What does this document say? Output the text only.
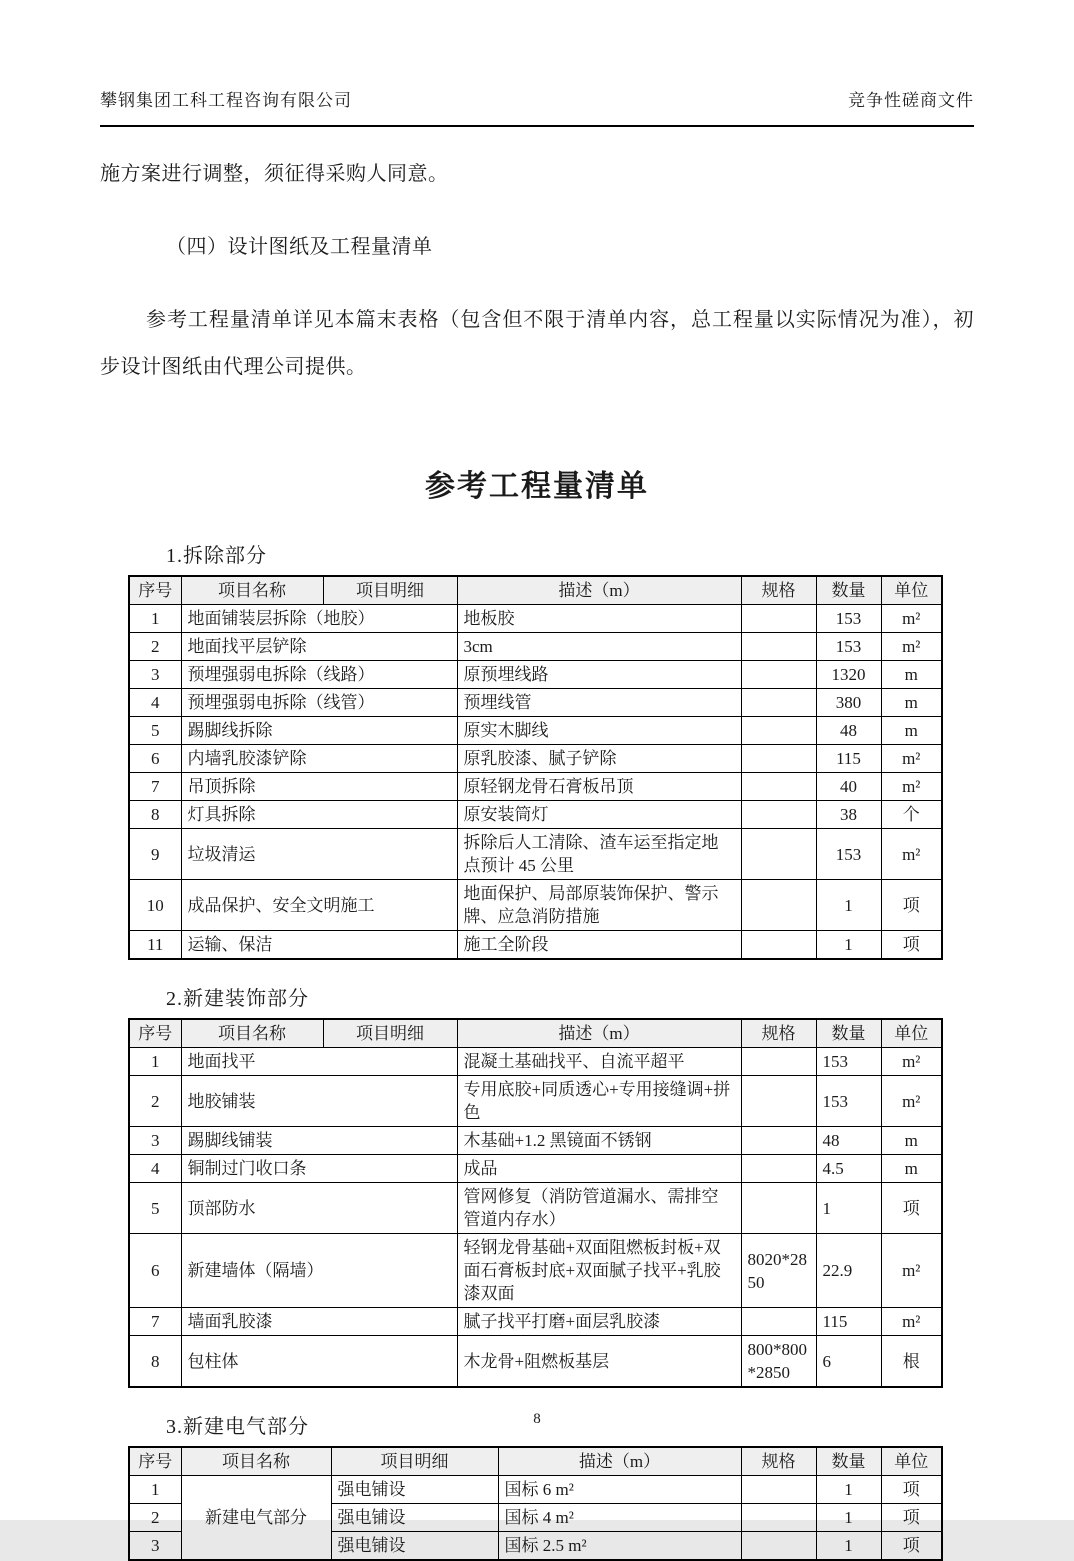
攀钢集团工科工程咨询有限公司	竞争性磋商文件

施方案进行调整，须征得采购人同意。

（四）设计图纸及工程量清单

参考工程量清单详见本篇末表格（包含但不限于清单内容，总工程量以实际情况为准），初步设计图纸由代理公司提供。

参考工程量清单
1.拆除部分
序号	项目名称	项目明细	描述（m）	规格	数量	单位
1	地面铺装层拆除（地胶）		地板胶		153	m²
2	地面找平层铲除		3cm		153	m²
3	预埋强弱电拆除（线路）		原预埋线路		1320	m
4	预埋强弱电拆除（线管）		预埋线管		380	m
5	踢脚线拆除		原实木脚线		48	m
6	内墙乳胶漆铲除		原乳胶漆、腻子铲除		115	m²
7	吊顶拆除		原轻钢龙骨石膏板吊顶		40	m²
8	灯具拆除		原安装筒灯		38	个
9	垃圾清运		拆除后人工清除、渣车运至指定地点预计 45 公里		153	m²
10	成品保护、安全文明施工		地面保护、局部原装饰保护、警示牌、应急消防措施		1	项
11	运输、保洁		施工全阶段		1	项
2.新建装饰部分
序号	项目名称	项目明细	描述（m）	规格	数量	单位
1	地面找平		混凝土基础找平、自流平超平		153	m²
2	地胶铺装		专用底胶+同质透心+专用接缝调+拼色		153	m²
3	踢脚线铺装		木基础+1.2 黑镜面不锈钢		48	m
4	铜制过门收口条		成品		4.5	m
5	顶部防水		管网修复（消防管道漏水、需排空管道内存水）		1	项
6	新建墙体（隔墙）		轻钢龙骨基础+双面阻燃板封板+双面石膏板封底+双面腻子找平+乳胶漆双面	8020*2850	22.9	m²
7	墙面乳胶漆		腻子找平打磨+面层乳胶漆		115	m²
8	包柱体		木龙骨+阻燃板基层	800*800*2850	6	根
3.新建电气部分
序号	项目名称	项目明细	描述（m）	规格	数量	单位
1	新建电气部分	强电铺设	国标 6 m²		1	项
2		强电铺设	国标 4 m²		1	项
3		强电铺设	国标 2.5 m²		1	项
8
